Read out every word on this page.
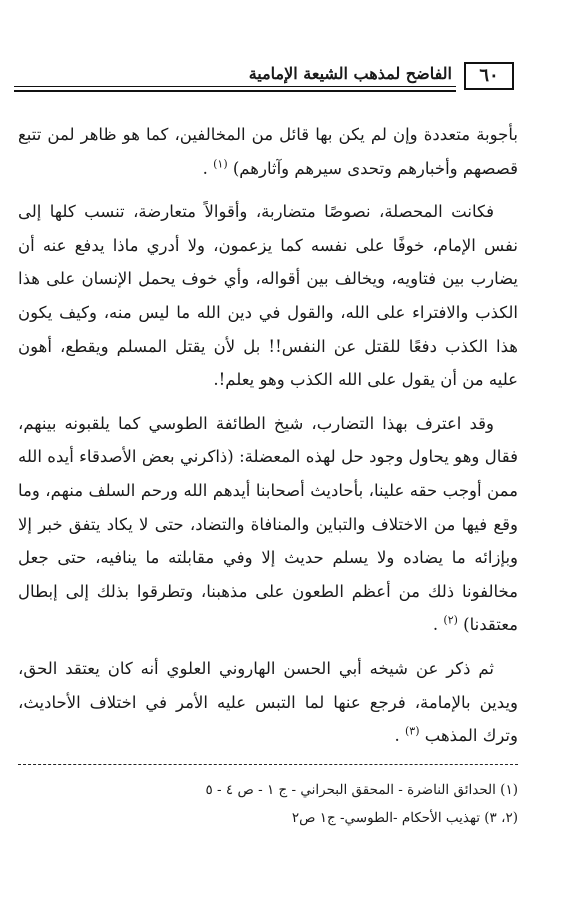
٦٠
الفاضح لمذهب الشيعة الإمامية

بأجوبة متعددة وإن لم يكن بها قائل من المخالفين، كما هو ظاهر لمن تتبع قصصهم وأخبارهم وتحدى سيرهم وآثارهم) $^{(١)}$ .

فكانت المحصلة، نصوصًا متضاربة، وأقوالاً متعارضة، تنسب كلها إلى نفس الإمام، خوفًا على نفسه كما يزعمون، ولا أدري ماذا يدفع عنه أن يضارب بين فتاويه، ويخالف بين أقواله، وأي خوف يحمل الإنسان على هذا الكذب والافتراء على الله، والقول في دين الله ما ليس منه، وكيف يكون هذا الكذب دفعًا للقتل عن النفس!! بل لأن يقتل المسلم ويقطع، أهون عليه من أن يقول على الله الكذب وهو يعلم!.

وقد اعترف بهذا التضارب، شيخ الطائفة الطوسي كما يلقبونه بينهم، فقال وهو يحاول وجود حل لهذه المعضلة: (ذاكرني بعض الأصدقاء أيده الله ممن أوجب حقه علينا، بأحاديث أصحابنا أيدهم الله ورحم السلف منهم، وما وقع فيها من الاختلاف والتباين والمنافاة والتضاد، حتى لا يكاد يتفق خبر إلا وبإزائه ما يضاده ولا يسلم حديث إلا وفي مقابلته ما ينافيه، حتى جعل مخالفونا ذلك من أعظم الطعون على مذهبنا، وتطرقوا بذلك إلى إبطال معتقدنا) $^{(٢)}$ .

ثم ذكر عن شيخه أبي الحسن الهاروني العلوي أنه كان يعتقد الحق، ويدين بالإمامة، فرجع عنها لما التبس عليه الأمر في اختلاف الأحاديث، وترك المذهب $^{(٣)}$ .

(١) الحدائق الناضرة - المحقق البحراني - ج ١ - ص ٤ - ٥
(٢، ٣) تهذيب الأحكام -الطوسي- ج١ ص٢
